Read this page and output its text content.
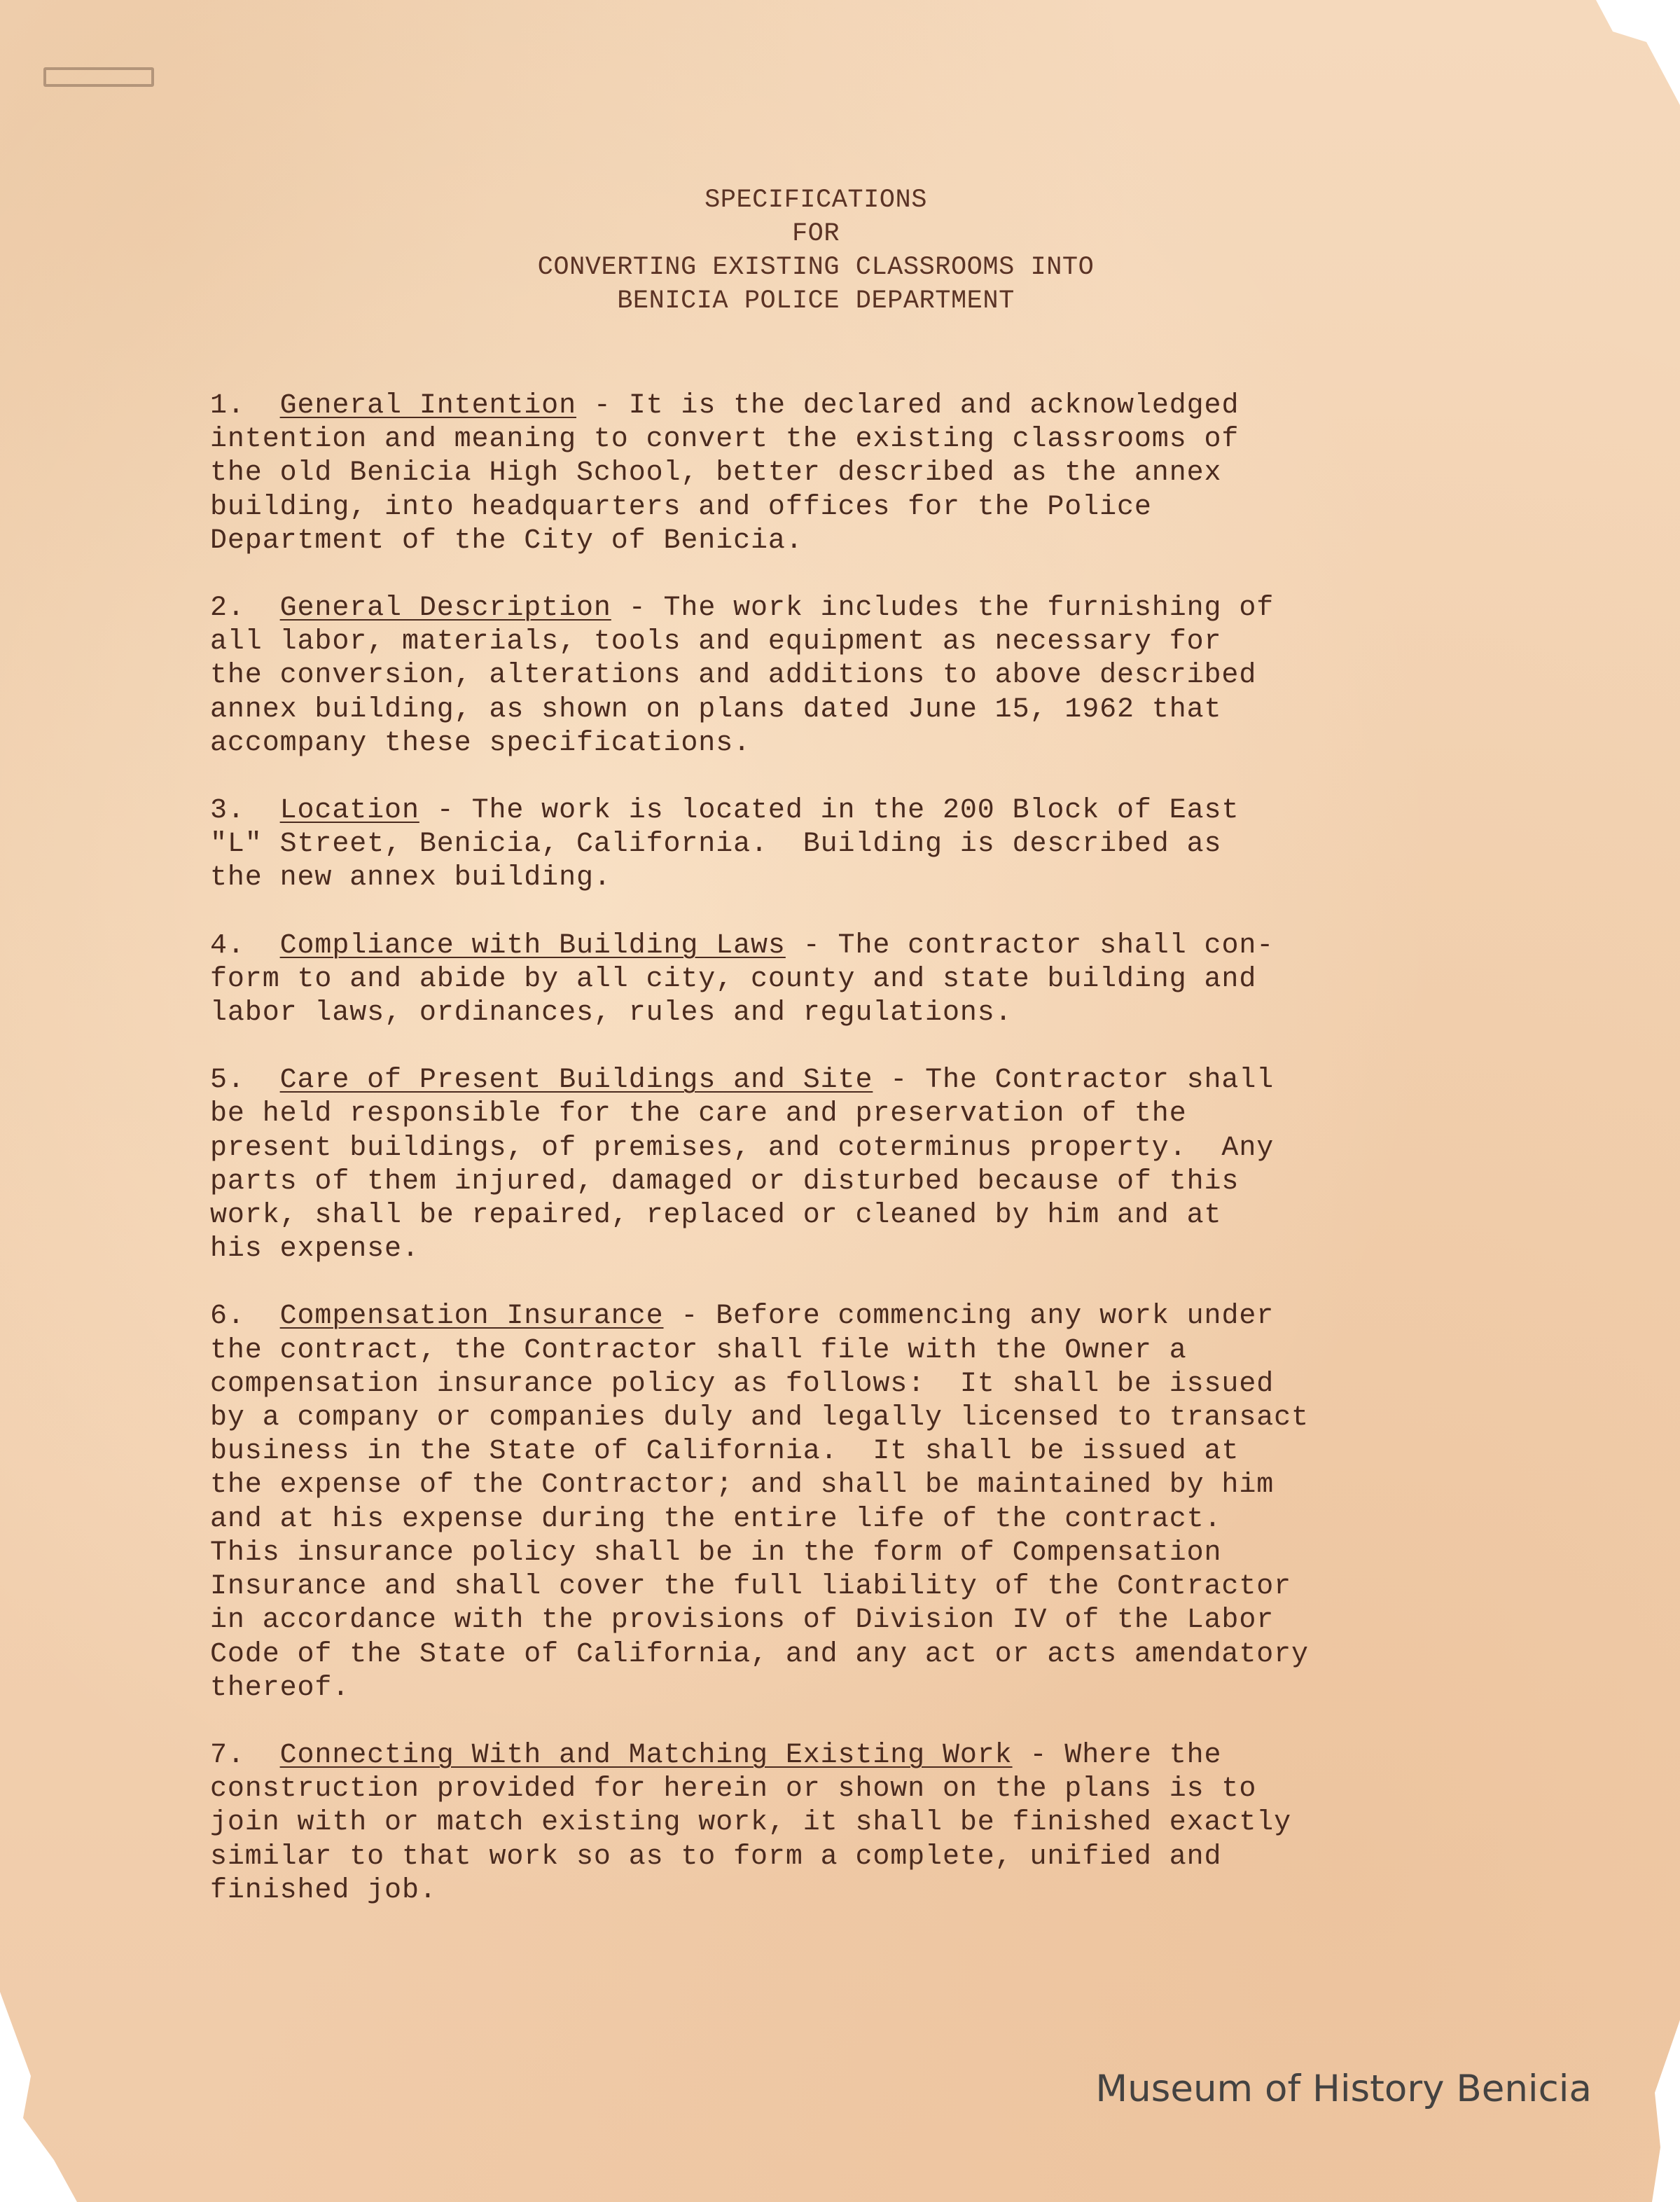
SPECIFICATIONS
FOR
CONVERTING EXISTING CLASSROOMS INTO
BENICIA POLICE DEPARTMENT
1. General Intention - It is the declared and acknowledged
intention and meaning to convert the existing classrooms of
the old Benicia High School, better described as the annex
building, into headquarters and offices for the Police
Department of the City of Benicia.
2. General Description - The work includes the furnishing of
all labor, materials, tools and equipment as necessary for
the conversion, alterations and additions to above described
annex building, as shown on plans dated June 15, 1962 that
accompany these specifications.
3. Location - The work is located in the 200 Block of East
"L" Street, Benicia, California.  Building is described as
the new annex building.
4. Compliance with Building Laws - The contractor shall con-
form to and abide by all city, county and state building and
labor laws, ordinances, rules and regulations.
5. Care of Present Buildings and Site - The Contractor shall
be held responsible for the care and preservation of the
present buildings, of premises, and coterminus property.  Any
parts of them injured, damaged or disturbed because of this
work, shall be repaired, replaced or cleaned by him and at
his expense.
6. Compensation Insurance - Before commencing any work under
the contract, the Contractor shall file with the Owner a
compensation insurance policy as follows:  It shall be issued
by a company or companies duly and legally licensed to transact
business in the State of California.  It shall be issued at
the expense of the Contractor; and shall be maintained by him
and at his expense during the entire life of the contract.
This insurance policy shall be in the form of Compensation
Insurance and shall cover the full liability of the Contractor
in accordance with the provisions of Division IV of the Labor
Code of the State of California, and any act or acts amendatory
thereof.
7. Connecting With and Matching Existing Work - Where the
construction provided for herein or shown on the plans is to
join with or match existing work, it shall be finished exactly
similar to that work so as to form a complete, unified and
finished job.
Museum of History Benicia
